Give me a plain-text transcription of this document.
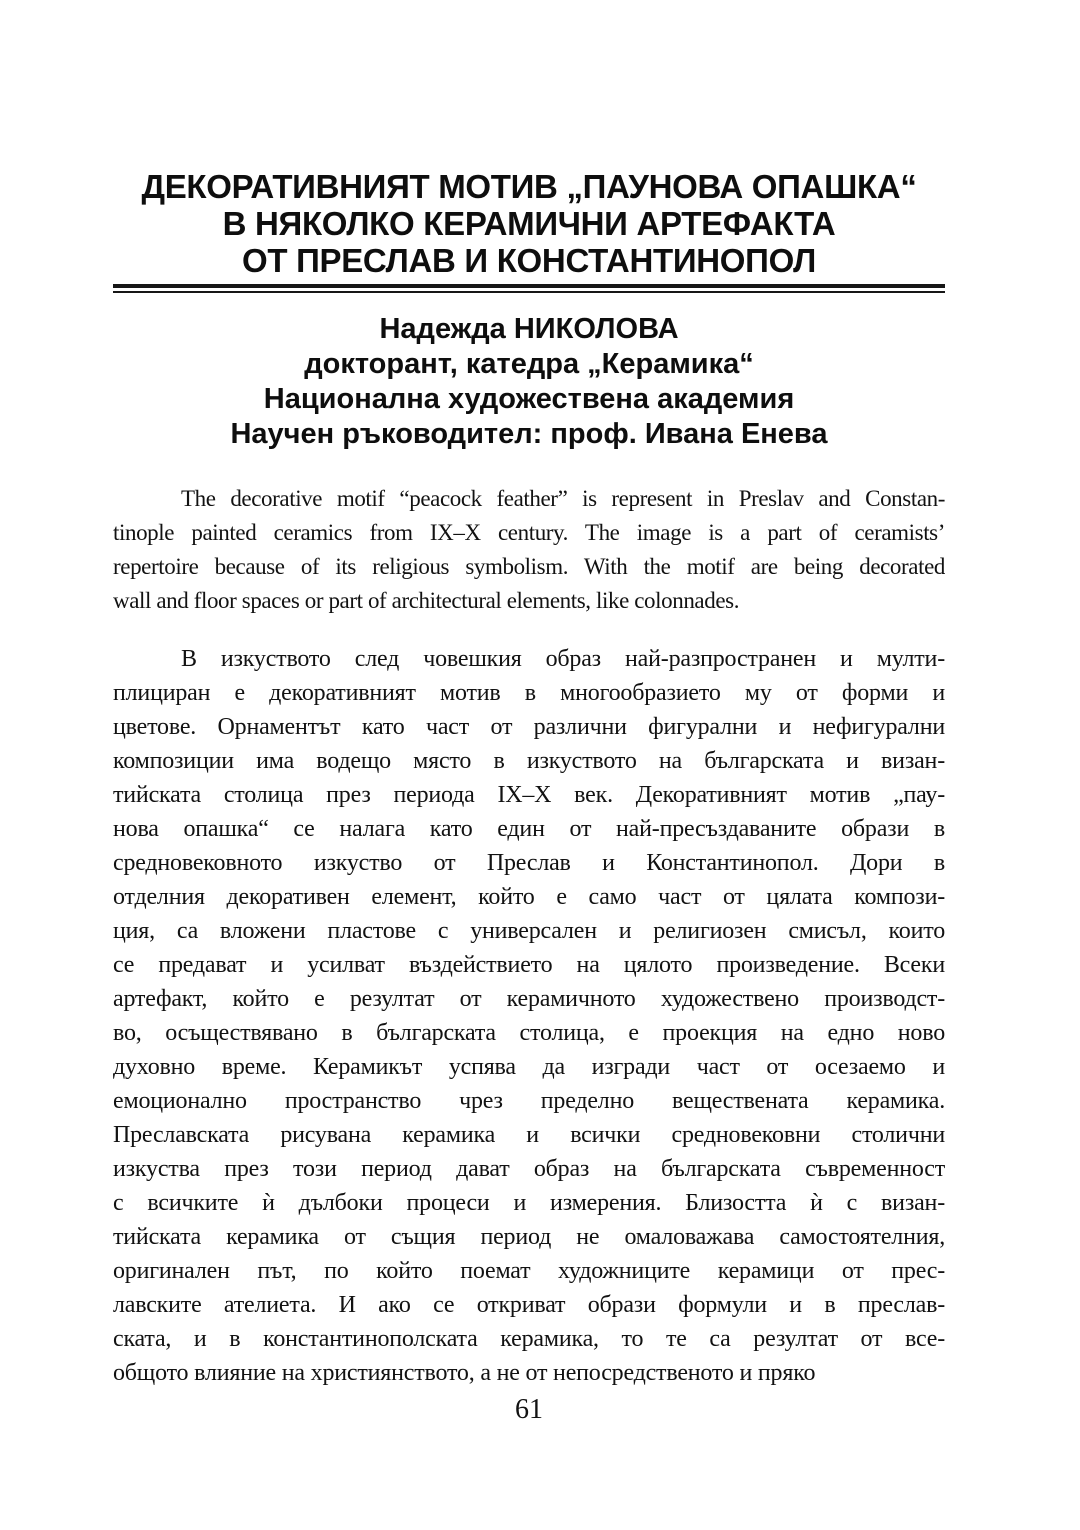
ДЕКОРАТИВНИЯТ МОТИВ „ПАУНОВА ОПАШКА“
В НЯКОЛКО КЕРАМИЧНИ АРТЕФАКТА
ОТ ПРЕСЛАВ И КОНСТАНТИНОПОЛ
Надежда НИКОЛОВА
докторант, катедра „Керамика“
Национална художествена академия
Научен ръководител: проф. Ивана Енева
The decorative motif “peacock feather” is represent in Preslav and Constan-
tinople painted ceramics from IX–X century. The image is a part of ceramists’
repertoire because of its religious symbolism. With the motif are being decorated
wall and floor spaces or part of architectural elements, like colonnades.
В изкуството след човешкия образ най-разпространен и мулти-
плициран е декоративният мотив в многообразието му от форми и
цветове. Орнаментът като част от различни фигурални и нефигурални
композиции има водещо място в изкуството на българската и визан-
тийската столица през периода IX–X век. Декоративният мотив „пау-
нова опашка“ се налага като един от най-пресъздаваните образи в
средновековното изкуство от Преслав и Константинопол. Дори в
отделния декоративен елемент, който е само част от цялата компози-
ция, са вложени пластове с универсален и религиозен смисъл, които
се предават и усилват въздействието на цялото произведение. Всеки
артефакт, който е резултат от керамичното художествено производст-
во, осъществявано в българската столица, е проекция на едно ново
духовно време. Керамикът успява да изгради част от осезаемо и
емоционално пространство чрез пределно веществената керамика.
Преславската рисувана керамика и всички средновековни столични
изкуства през този период дават образ на българската съвременност
с всичките ѝ дълбоки процеси и измерения. Близостта ѝ с визан-
тийската керамика от същия период не омаловажава самостоятелния,
оригинален път, по който поемат художниците керамици от прес-
лавските ателиета. И ако се откриват образи формули и в преслав-
ската, и в константинополската керамика, то те са резултат от все-
общото влияние на християнството, а не от непосредственото и пряко
61
